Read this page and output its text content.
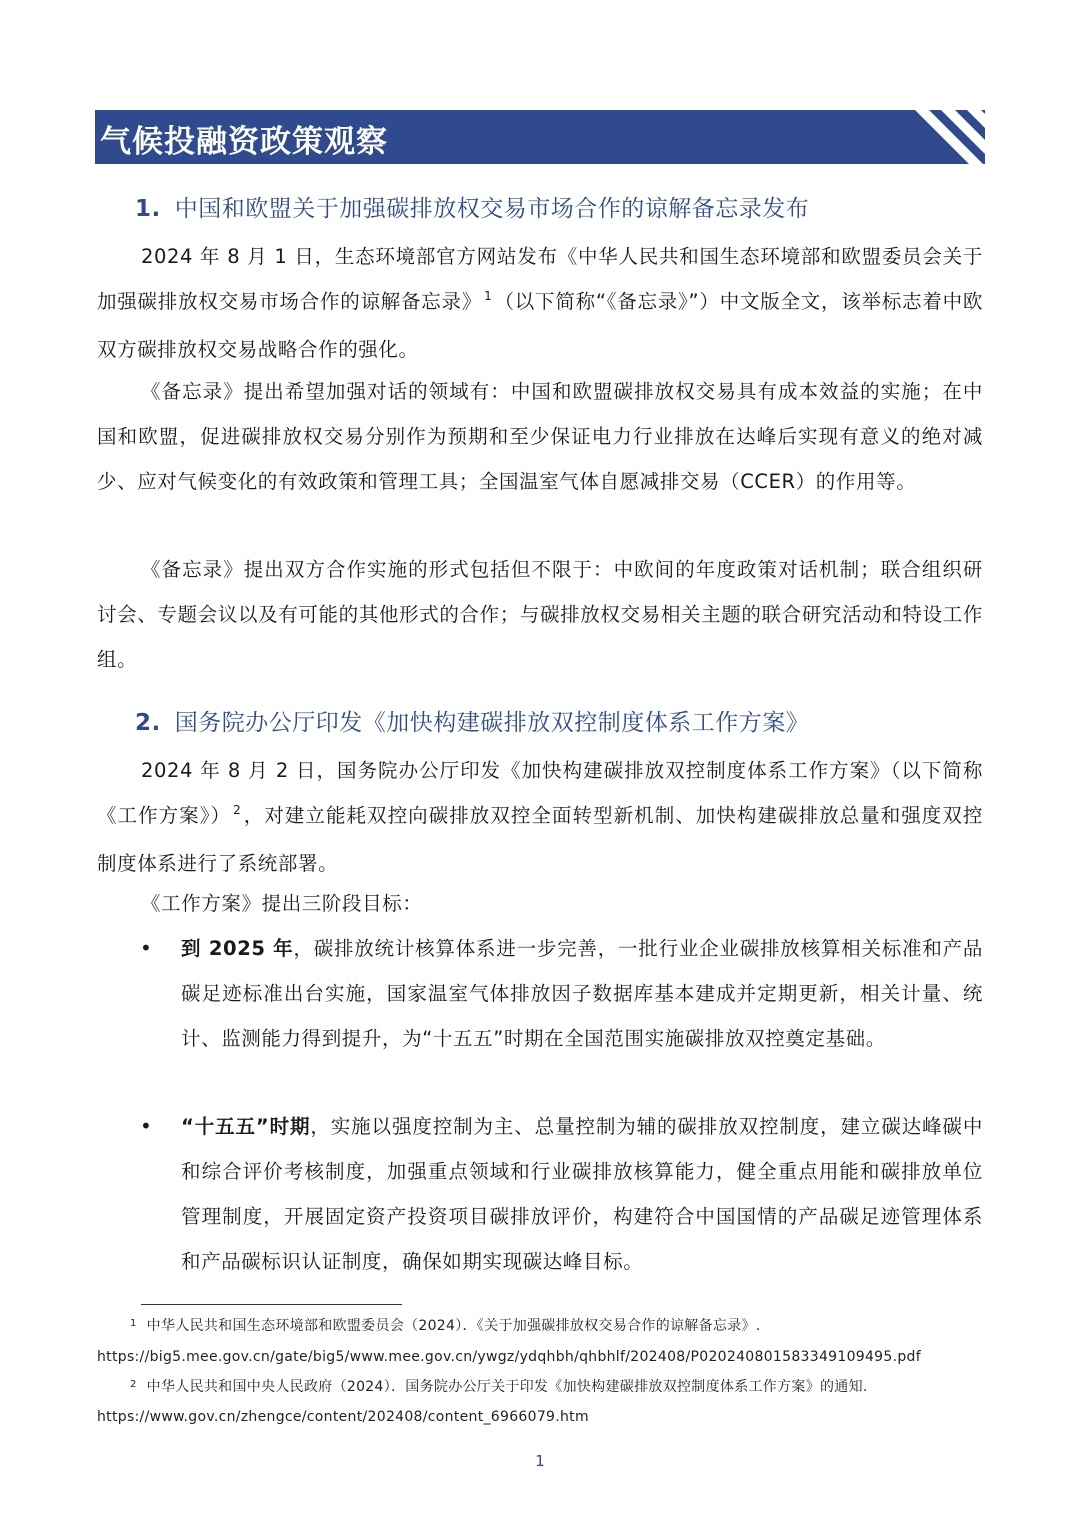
气候投融资政策观察
1. 中国和欧盟关于加强碳排放权交易市场合作的谅解备忘录发布
2024 年 8 月 1 日，生态环境部官方网站发布《中华人民共和国生态环境部和欧盟委员会关于加强碳排放权交易市场合作的谅解备忘录》 $^1$ （以下简称“《备忘录》”）中文版全文，该举标志着中欧双方碳排放权交易战略合作的强化。
《备忘录》提出希望加强对话的领域有：中国和欧盟碳排放权交易具有成本效益的实施；在中国和欧盟，促进碳排放权交易分别作为预期和至少保证电力行业排放在达峰后实现有意义的绝对减少、应对气候变化的有效政策和管理工具；全国温室气体自愿减排交易（CCER）的作用等。
《备忘录》提出双方合作实施的形式包括但不限于：中欧间的年度政策对话机制；联合组织研讨会、专题会议以及有可能的其他形式的合作；与碳排放权交易相关主题的联合研究活动和特设工作组。
2. 国务院办公厅印发《加快构建碳排放双控制度体系工作方案》
2024 年 8 月 2 日，国务院办公厅印发《加快构建碳排放双控制度体系工作方案》（以下简称《工作方案》） $^2$ ，对建立能耗双控向碳排放双控全面转型新机制、加快构建碳排放总量和强度双控制度体系进行了系统部署。
《工作方案》提出三阶段目标：
• 到 2025 年，碳排放统计核算体系进一步完善，一批行业企业碳排放核算相关标准和产品碳足迹标准出台实施，国家温室气体排放因子数据库基本建成并定期更新，相关计量、统计、监测能力得到提升，为“十五五”时期在全国范围实施碳排放双控奠定基础。
• “十五五”时期，实施以强度控制为主、总量控制为辅的碳排放双控制度，建立碳达峰碳中和综合评价考核制度，加强重点领域和行业碳排放核算能力，健全重点用能和碳排放单位管理制度，开展固定资产投资项目碳排放评价，构建符合中国国情的产品碳足迹管理体系和产品碳标识认证制度，确保如期实现碳达峰目标。
$^1$ 中华人民共和国生态环境部和欧盟委员会（2024）．《关于加强碳排放权交易合作的谅解备忘录》.
https://big5.mee.gov.cn/gate/big5/www.mee.gov.cn/ywgz/ydqhbh/qhbhlf/202408/P020240801583349109495.pdf
$^2$ 中华人民共和国中央人民政府（2024）．国务院办公厅关于印发《加快构建碳排放双控制度体系工作方案》的通知.
https://www.gov.cn/zhengce/content/202408/content_6966079.htm
1
